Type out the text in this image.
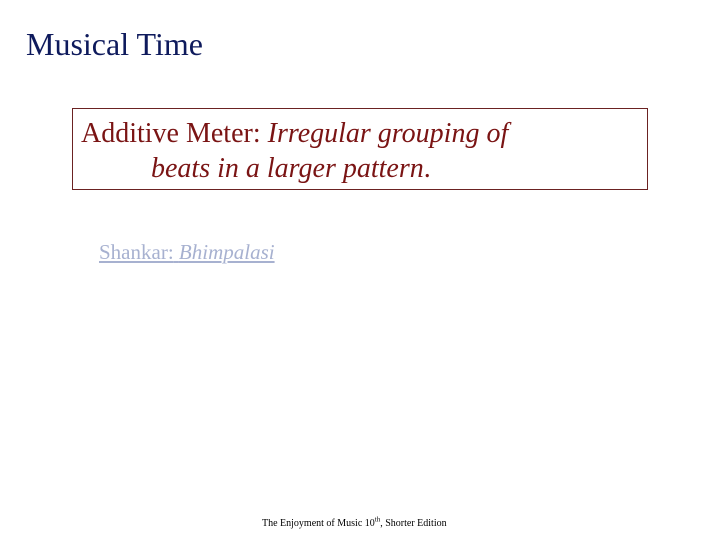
Musical Time
Additive Meter: Irregular grouping of
beats in a larger pattern.
Shankar: Bhimpalasi
The Enjoyment of Music 10th, Shorter Edition
